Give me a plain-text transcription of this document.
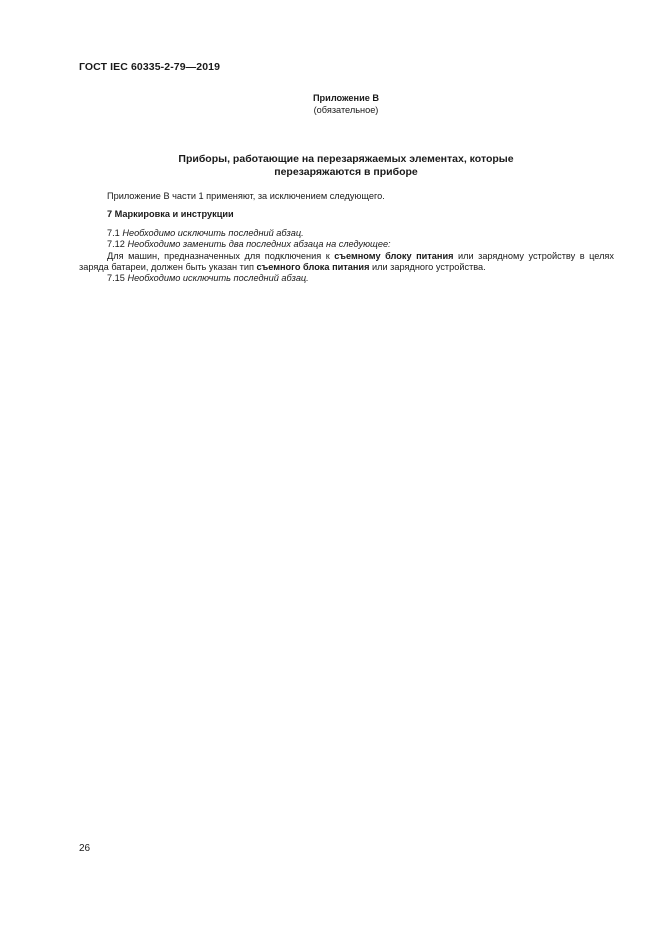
ГОСТ IEC 60335-2-79—2019
Приложение В
(обязательное)
Приборы, работающие на перезаряжаемых элементах, которые
перезаряжаются в приборе

Приложение В части 1 применяют, за исключением следующего.

7 Маркировка и инструкции

7.1 Необходимо исключить последний абзац.

7.12 Необходимо заменить два последних абзаца на следующее:

Для машин, предназначенных для подключения к съемному блоку питания или зарядному устройству в целях заряда батареи, должен быть указан тип съемного блока питания или зарядного устройства.

7.15 Необходимо исключить последний абзац.

26
